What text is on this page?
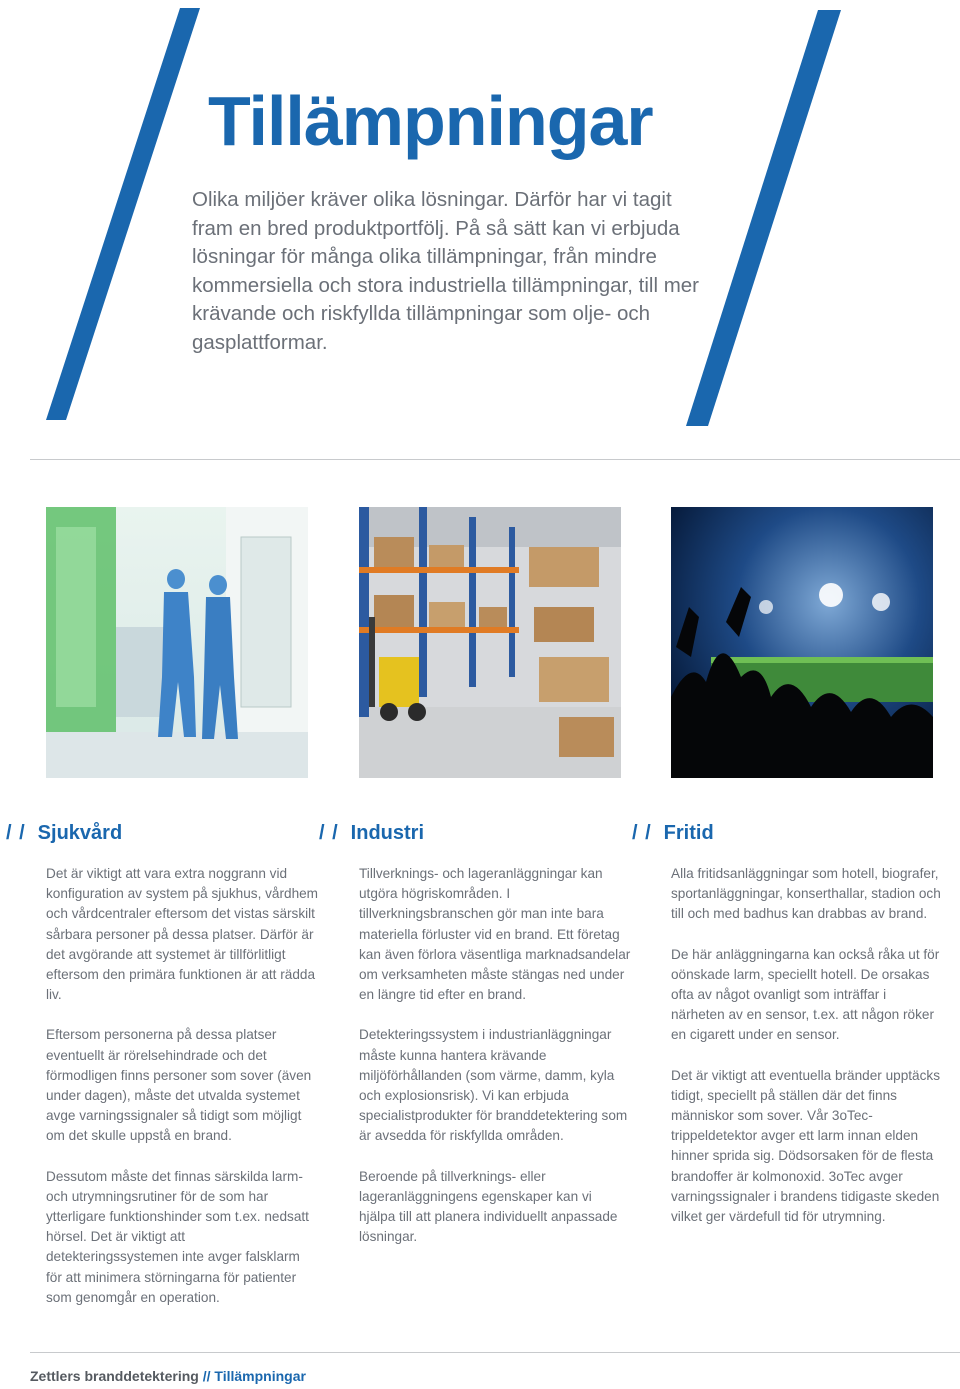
Tillämpningar

Olika miljöer kräver olika lösningar. Därför har vi tagit fram en bred produktportfölj. På så sätt kan vi erbjuda lösningar för många olika tillämpningar, från mindre kommersiella och stora industriella tillämpningar, till mer krävande och riskfyllda tillämpningar som olje- och gasplattformar.

/ / Sjukvård	/ / Industri	/ / Fritid

Det är viktigt att vara extra noggrann vid konfiguration av system på sjukhus, vårdhem och vårdcentraler eftersom det vistas särskilt sårbara personer på dessa platser. Därför är det avgörande att systemet är tillförlitligt eftersom den primära funktionen är att rädda liv.

Eftersom personerna på dessa platser eventuellt är rörelsehindrade och det förmodligen finns personer som sover (även under dagen), måste det utvalda systemet avge varningssignaler så tidigt som möjligt om det skulle uppstå en brand.

Dessutom måste det finnas särskilda larm- och utrymningsrutiner för de som har ytterligare funktionshinder som t.ex. nedsatt hörsel. Det är viktigt att detekteringssystemen inte avger falsklarm för att minimera störningarna för patienter som genomgår en operation.

Tillverknings- och lageranläggningar kan utgöra högriskområden. I tillverkningsbranschen gör man inte bara materiella förluster vid en brand. Ett företag kan även förlora väsentliga marknadsandelar om verksamheten måste stängas ned under en längre tid efter en brand.

Detekteringssystem i industrianläggningar måste kunna hantera krävande miljöförhållanden (som värme, damm, kyla och explosionsrisk). Vi kan erbjuda specialistprodukter för branddetektering som är avsedda för riskfyllda områden.

Beroende på tillverknings- eller lageranläggningens egenskaper kan vi hjälpa till att planera individuellt anpassade lösningar.

Alla fritidsanläggningar som hotell, biografer, sportanläggningar, konserthallar, stadion och till och med badhus kan drabbas av brand.

De här anläggningarna kan också råka ut för oönskade larm, speciellt hotell. De orsakas ofta av något ovanligt som inträffar i närheten av en sensor, t.ex. att någon röker en cigarett under en sensor.

Det är viktigt att eventuella bränder upptäcks tidigt, speciellt på ställen där det finns människor som sover. Vår 3oTec-trippeldetektor avger ett larm innan elden hinner sprida sig. Dödsorsaken för de flesta brandoffer är kolmonoxid. 3oTec avger varningssignaler i brandens tidigaste skeden vilket ger värdefull tid för utrymning.

Zettlers branddetektering // Tillämpningar
